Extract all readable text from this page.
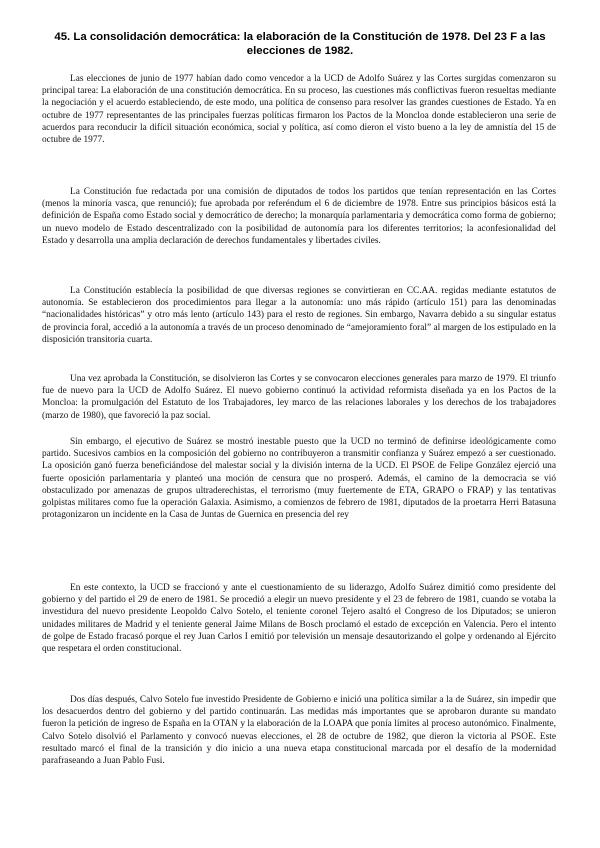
45. La consolidación democrática: la elaboración de la Constitución de 1978. Del 23 F a las elecciones de 1982.

Las elecciones de junio de 1977 habían dado como vencedor a la UCD de Adolfo Suárez y las Cortes surgidas comenzaron su principal tarea: La elaboración de una constitución democrática. En su proceso, las cuestiones más conflictivas fueron resueltas mediante la negociación y el acuerdo estableciendo, de este modo, una política de consenso para resolver las grandes cuestiones de Estado. Ya en octubre de 1977 representantes de las principales fuerzas políticas firmaron los Pactos de la Moncloa donde establecieron una serie de acuerdos para reconducir la difícil situación económica, social y política, así como dieron el visto bueno a la ley de amnistía del 15 de octubre de 1977.

La Constitución fue redactada por una comisión de diputados de todos los partidos que tenían representación en las Cortes (menos la minoría vasca, que renunció); fue aprobada por referéndum el 6 de diciembre de 1978. Entre sus principios básicos está la definición de España como Estado social y democrático de derecho; la monarquía parlamentaria y democrática como forma de gobierno; un nuevo modelo de Estado descentralizado con la posibilidad de autonomía para los diferentes territorios; la aconfesionalidad del Estado y desarrolla una amplia declaración de derechos fundamentales y libertades civiles.

La Constitución establecía la posibilidad de que diversas regiones se convirtieran en CC.AA. regidas mediante estatutos de autonomía. Se establecieron dos procedimientos para llegar a la autonomía: uno más rápido (artículo 151) para las denominadas “nacionalidades históricas” y otro más lento (artículo 143) para el resto de regiones. Sin embargo, Navarra debido a su singular estatus de provincia foral, accedió a la autonomía a través de un proceso denominado de “amejoramiento foral” al margen de los estipulado en la disposición transitoria cuarta.

Una vez aprobada la Constitución, se disolvieron las Cortes y se convocaron elecciones generales para marzo de 1979. El triunfo fue de nuevo para la UCD de Adolfo Suárez. El nuevo gobierno continuó la actividad reformista diseñada ya en los Pactos de la Moncloa: la promulgación del Estatuto de los Trabajadores, ley marco de las relaciones laborales y los derechos de los trabajadores (marzo de 1980), que favoreció la paz social.

Sin embargo, el ejecutivo de Suárez se mostró inestable puesto que la UCD no terminó de definirse ideológicamente como partido. Sucesivos cambios en la composición del gobierno no contribuyeron a transmitir confianza y Suárez empezó a ser cuestionado. La oposición ganó fuerza beneficiándose del malestar social y la división interna de la UCD. El PSOE de Felipe González ejerció una fuerte oposición parlamentaria y planteó una moción de censura que no prosperó. Además, el camino de la democracia se vió obstaculizado por amenazas de grupos ultraderechistas, el terrorismo (muy fuertemente de ETA, GRAPO o FRAP) y las tentativas golpistas militares como fue la operación Galaxia. Asimismo, a comienzos de febrero de 1981, diputados de la proetarra Herri Batasuna protagonizaron un incidente en la Casa de Juntas de Guernica en presencia del rey

En este contexto, la UCD se fraccionó y ante el cuestionamiento de su liderazgo, Adolfo Suárez dimitió como presidente del gobierno y del partido el 29 de enero de 1981. Se procedió a elegir un nuevo presidente y el 23 de febrero de 1981, cuando se votaba la investidura del nuevo presidente Leopoldo Calvo Sotelo, el teniente coronel Tejero asaltó el Congreso de los Diputados; se unieron unidades militares de Madrid y el teniente general Jaime Milans de Bosch proclamó el estado de excepción en Valencia. Pero el intento de golpe de Estado fracasó porque el rey Juan Carlos I emitió por televisión un mensaje desautorizando el golpe y ordenando al Ejército que respetara el orden constitucional.

Dos días después, Calvo Sotelo fue investido Presidente de Gobierno e inició una política similar a la de Suárez, sin impedir que los desacuerdos dentro del gobierno y del partido continuarán. Las medidas más importantes que se aprobaron durante su mandato fueron la petición de ingreso de España en la OTAN y la elaboración de la LOAPA que ponía límites al proceso autonómico. Finalmente, Calvo Sotelo disolvió el Parlamento y convocó nuevas elecciones, el 28 de octubre de 1982, que dieron la victoria al PSOE. Este resultado marcó el final de la transición y dio inicio a una nueva etapa constitucional marcada por el desafío de la modernidad parafraseando a Juan Pablo Fusi.
